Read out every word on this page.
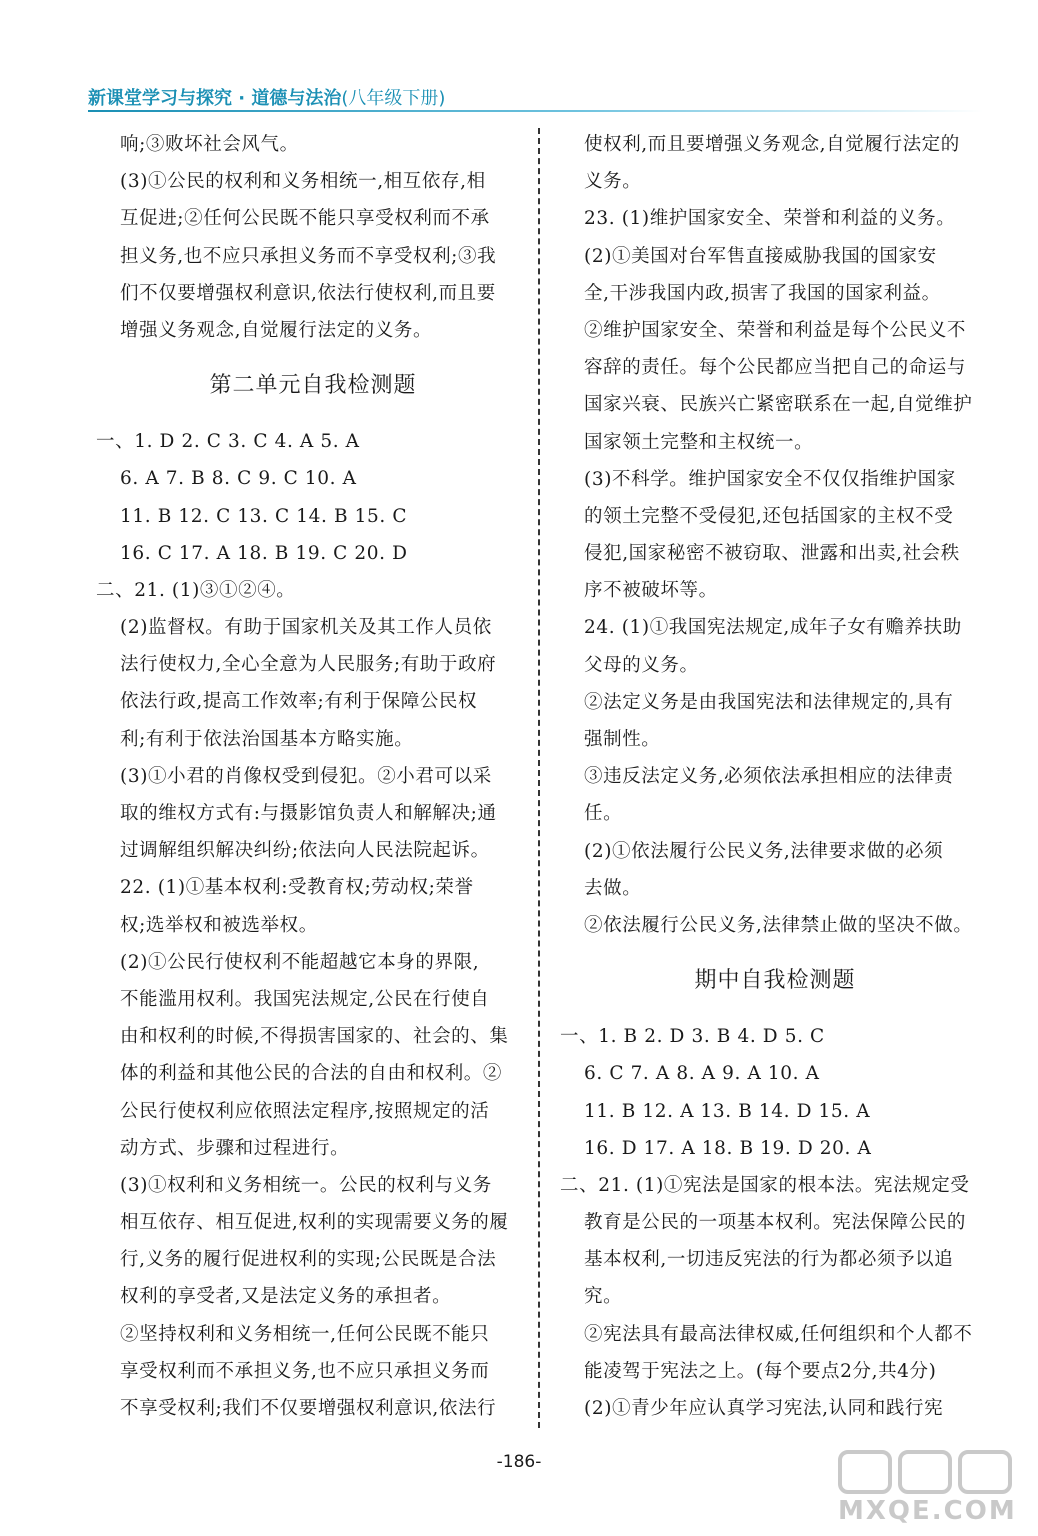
新课堂学习与探究 · 道德与法治(八年级下册)
响;③败坏社会风气。
(3)①公民的权利和义务相统一,相互依存,相
互促进;②任何公民既不能只享受权利而不承
担义务,也不应只承担义务而不享受权利;③我
们不仅要增强权利意识,依法行使权利,而且要
增强义务观念,自觉履行法定的义务。
第二单元自我检测题
一、1. D 2. C 3. C 4. A 5. A
6. A 7. B 8. C 9. C 10. A
11. B 12. C 13. C 14. B 15. C
16. C 17. A 18. B 19. C 20. D
二、21. (1)③①②④。
(2)监督权。有助于国家机关及其工作人员依
法行使权力,全心全意为人民服务;有助于政府
依法行政,提高工作效率;有利于保障公民权
利;有利于依法治国基本方略实施。
(3)①小君的肖像权受到侵犯。②小君可以采
取的维权方式有:与摄影馆负责人和解解决;通
过调解组织解决纠纷;依法向人民法院起诉。
22. (1)①基本权利:受教育权;劳动权;荣誉
权;选举权和被选举权。
(2)①公民行使权利不能超越它本身的界限,
不能滥用权利。我国宪法规定,公民在行使自
由和权利的时候,不得损害国家的、社会的、集
体的利益和其他公民的合法的自由和权利。②
公民行使权利应依照法定程序,按照规定的活
动方式、步骤和过程进行。
(3)①权利和义务相统一。公民的权利与义务
相互依存、相互促进,权利的实现需要义务的履
行,义务的履行促进权利的实现;公民既是合法
权利的享受者,又是法定义务的承担者。
②坚持权利和义务相统一,任何公民既不能只
享受权利而不承担义务,也不应只承担义务而
不享受权利;我们不仅要增强权利意识,依法行
使权利,而且要增强义务观念,自觉履行法定的
义务。
23. (1)维护国家安全、荣誉和利益的义务。
(2)①美国对台军售直接威胁我国的国家安
全,干涉我国内政,损害了我国的国家利益。
②维护国家安全、荣誉和利益是每个公民义不
容辞的责任。每个公民都应当把自己的命运与
国家兴衰、民族兴亡紧密联系在一起,自觉维护
国家领土完整和主权统一。
(3)不科学。维护国家安全不仅仅指维护国家
的领土完整不受侵犯,还包括国家的主权不受
侵犯,国家秘密不被窃取、泄露和出卖,社会秩
序不被破坏等。
24. (1)①我国宪法规定,成年子女有赡养扶助
父母的义务。
②法定义务是由我国宪法和法律规定的,具有
强制性。
③违反法定义务,必须依法承担相应的法律责
任。
(2)①依法履行公民义务,法律要求做的必须
去做。
②依法履行公民义务,法律禁止做的坚决不做。
期中自我检测题
一、1. B 2. D 3. B 4. D 5. C
6. C 7. A 8. A 9. A 10. A
11. B 12. A 13. B 14. D 15. A
16. D 17. A 18. B 19. D 20. A
二、21. (1)①宪法是国家的根本法。宪法规定受
教育是公民的一项基本权利。宪法保障公民的
基本权利,一切违反宪法的行为都必须予以追
究。
②宪法具有最高法律权威,任何组织和个人都不
能凌驾于宪法之上。(每个要点2分,共4分)
(2)①青少年应认真学习宪法,认同和践行宪
-186-
MXQE.COM
